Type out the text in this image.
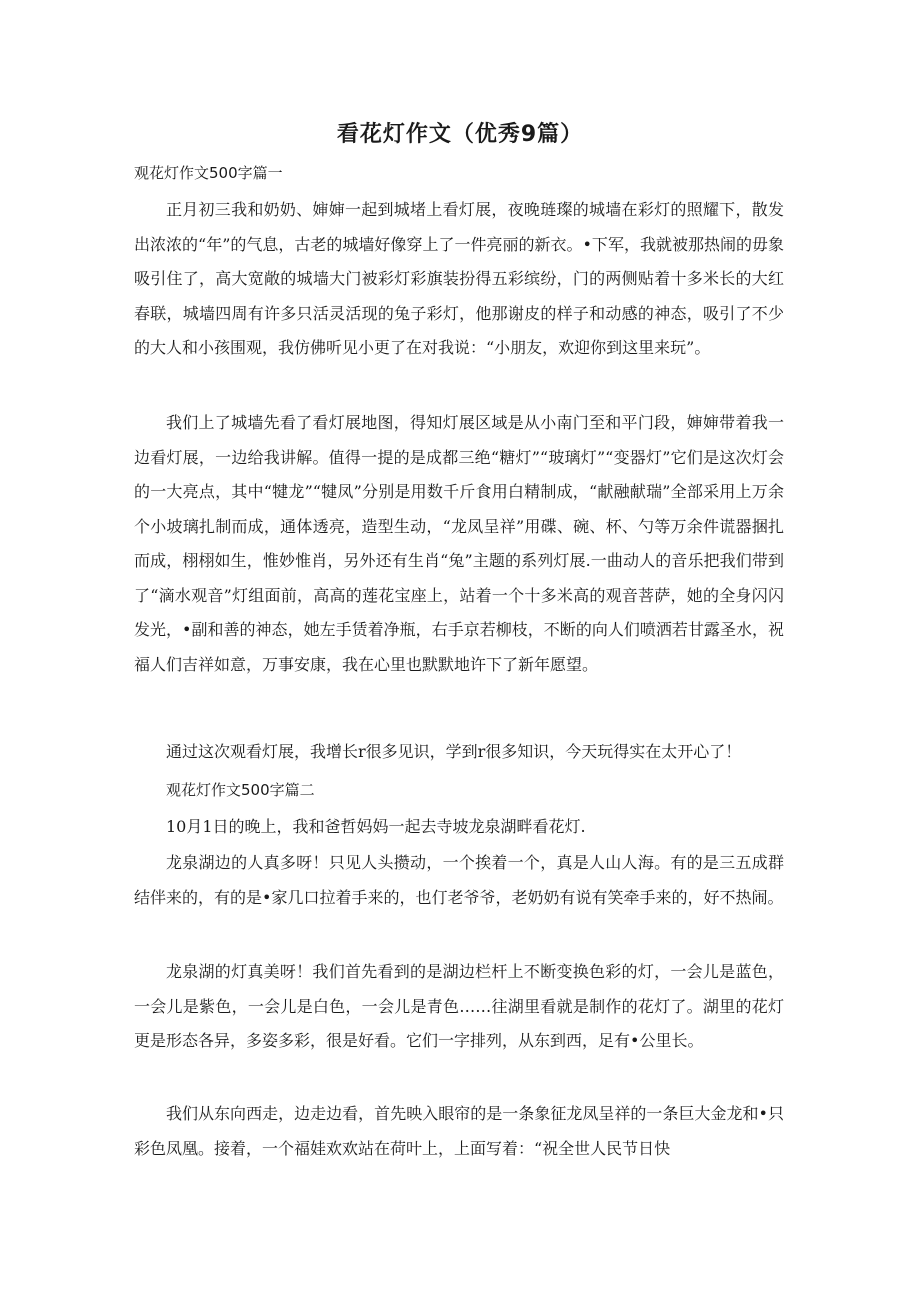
看花灯作文（优秀9篇）
观花灯作文500字篇一

正月初三我和奶奶、婶婶一起到城堵上看灯展，夜晚琏璨的城墙在彩灯的照耀下，散发出浓浓的“年”的气息，古老的城墙好像穿上了一件亮丽的新衣。•下军，我就被那热闹的毋象吸引住了，高大宽敞的城墙大门被彩灯彩旗装扮得五彩缤纷，门的两侧贴着十多米长的大红春联，城墙四周有许多只活灵活现的兔子彩灯，他那谢皮的样子和动感的神态，吸引了不少的大人和小孩围观，我仿佛听见小更了在对我说：“小朋友，欢迎你到这里来玩”。

我们上了城墙先看了看灯展地图，得知灯展区域是从小南门至和平门段，婶婶带着我一边看灯展，一边给我讲解。值得一提的是成都三绝“糖灯”“玻璃灯”“变器灯”它们是这次灯会的一大亮点，其中“犍龙”“犍凤”分别是用数千斤食用白精制成，“献融献瑞”全部采用上万余个小坡璃扎制而成，通体透亮，造型生动，“龙凤呈祥”用碟、碗、杯、勺等万余件谎器捆扎而成，栩栩如生，惟妙惟肖，另外还有生肖“兔”主题的系列灯展.一曲动人的音乐把我们带到了“滴水观音”灯组面前，高高的莲花宝座上，站着一个十多米高的观音菩萨，她的全身闪闪发光，•副和善的神态，她左手赁着净瓶，右手京若柳枝，不断的向人们喷洒若甘露圣水，祝福人们吉祥如意，万事安康，我在心里也默默地许下了新年愿望。

通过这次观看灯展，我增长r很多见识，学到r很多知识，今天玩得实在太开心了！

观花灯作文500字篇二

10月1日的晚上，我和爸哲妈妈一起去寺坡龙泉湖畔看花灯.

龙泉湖边的人真多呀！只见人头攒动，一个挨着一个，真是人山人海。有的是三五成群结伴来的，有的是•家几口拉着手来的，也仃老爷爷，老奶奶有说有笑牵手来的，好不热闹。

龙泉湖的灯真美呀！我们首先看到的是湖边栏杆上不断变换色彩的灯，一会儿是蓝色，一会儿是紫色，一会儿是白色，一会儿是青色……往湖里看就是制作的花灯了。湖里的花灯更是形态各异，多姿多彩，很是好看。它们一字排列，从东到西，足有•公里长。

我们从东向西走，边走边看，首先映入眼帘的是一条象征龙凤呈祥的一条巨大金龙和•只彩色凤凰。接着，一个福娃欢欢站在荷叶上，上面写着：“祝全世人民节日快
